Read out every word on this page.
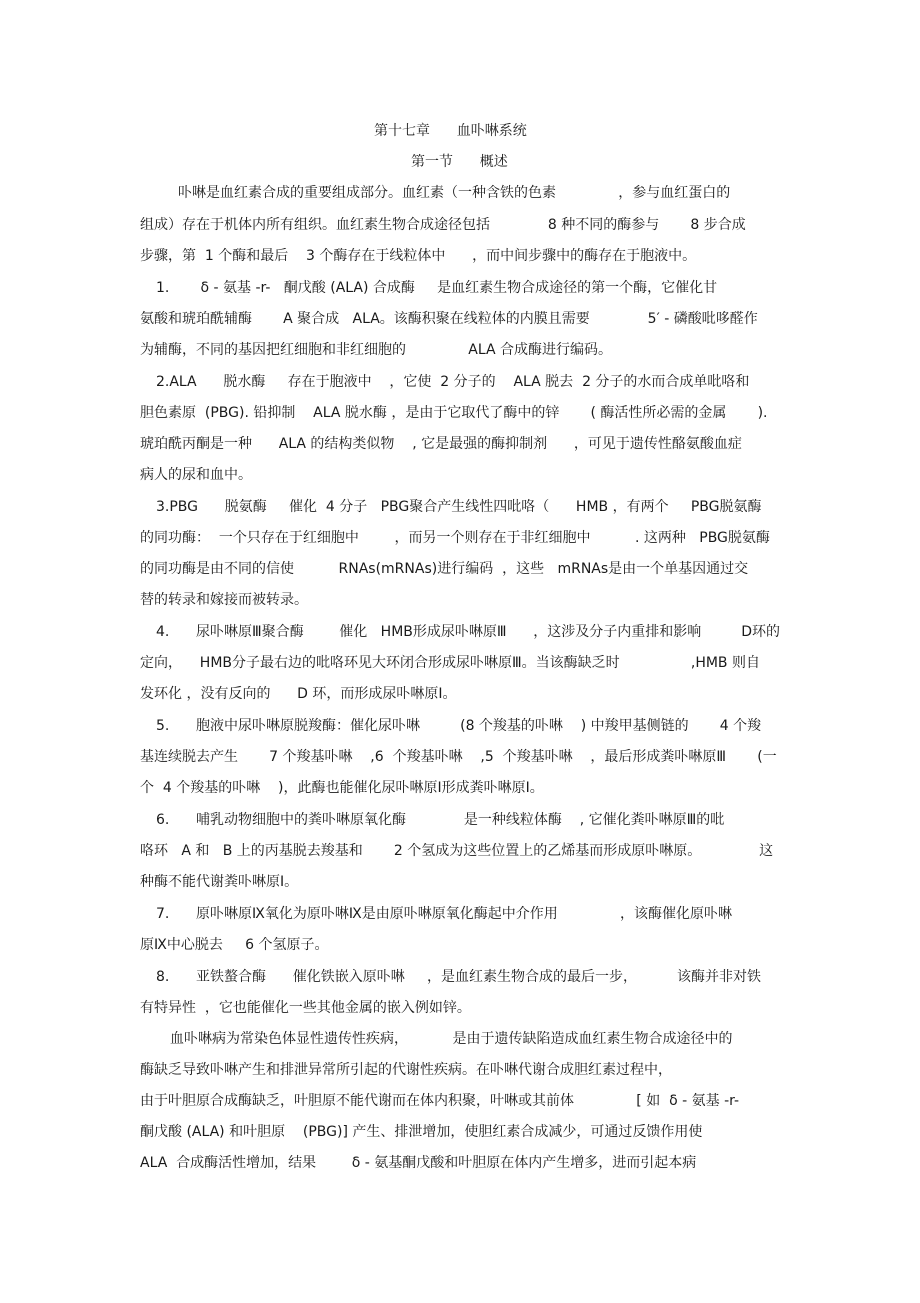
第十七章      血卟啉系统
第一节      概述
卟啉是血红素合成的重要组成部分。血红素（一种含铁的色素              ，参与血红蛋白的
组成）存在于机体内所有组织。血红素生物合成途径包括             8 种不同的酶参与       8 步合成
步骤，第  1 个酶和最后    3 个酶存在于线粒体中      ，而中间步骤中的酶存在于胞液中。
1.       δ - 氨基 -r-   酮戊酸 (ALA) 合成酶     是血红素生物合成途径的第一个酶，它催化甘
氨酸和琥珀酰辅酶       A 聚合成   ALA。该酶积聚在线粒体的内膜且需要             5′ - 磷酸吡哆醛作
为辅酶，不同的基因把红细胞和非红细胞的              ALA 合成酶进行编码。
2.ALA      脱水酶     存在于胞液中    ，它使  2 分子的    ALA 脱去  2 分子的水而合成单吡咯和
胆色素原  (PBG). 铅抑制    ALA 脱水酶 ，是由于它取代了酶中的锌       ( 酶活性所必需的金属       ).
琥珀酰丙酮是一种      ALA 的结构类似物    , 它是最强的酶抑制剂      ，可见于遗传性酪氨酸血症
病人的尿和血中。
3.PBG      脱氨酶     催化  4 分子   PBG聚合产生线性四吡咯（      HMB ，有两个     PBG脱氨酶
的同功酶：  一个只存在于红细胞中        ，而另一个则存在于非红细胞中          . 这两种   PBG脱氨酶
的同功酶是由不同的信使          RNAs(mRNAs)进行编码  ，这些   mRNAs是由一个单基因通过交
替的转录和嫁接而被转录。
4.      尿卟啉原Ⅲ聚合酶        催化   HMB形成尿卟啉原Ⅲ      ，这涉及分子内重排和影响         D环的
定向，    HMB分子最右边的吡咯环见大环闭合形成尿卟啉原Ⅲ。当该酶缺乏时                ,HMB 则自
发环化 ，没有反向的      D 环，而形成尿卟啉原Ⅰ。
5.      胞液中尿卟啉原脱羧酶：催化尿卟啉         (8 个羧基的卟啉    ) 中羧甲基侧链的       4 个羧
基连续脱去产生       7 个羧基卟啉    ,6  个羧基卟啉    ,5  个羧基卟啉    ，最后形成粪卟啉原Ⅲ       (一
个  4 个羧基的卟啉    )，此酶也能催化尿卟啉原Ⅰ形成粪卟啉原Ⅰ。
6.      哺乳动物细胞中的粪卟啉原氧化酶             是一种线粒体酶    , 它催化粪卟啉原Ⅲ的吡
咯环   A 和   B 上的丙基脱去羧基和       2 个氢成为这些位置上的乙烯基而形成原卟啉原。             这
种酶不能代谢粪卟啉原Ⅰ。
7.      原卟啉原Ⅸ氧化为原卟啉Ⅸ是由原卟啉原氧化酶起中介作用              ，该酶催化原卟啉
原Ⅸ中心脱去     6 个氢原子。
8.      亚铁螯合酶      催化铁嵌入原卟啉     ，是血红素生物合成的最后一步，         该酶并非对铁
有特异性  ，它也能催化一些其他金属的嵌入例如锌。
血卟啉病为常染色体显性遗传性疾病，          是由于遗传缺陷造成血红素生物合成途径中的
酶缺乏导致卟啉产生和排泄异常所引起的代谢性疾病。在卟啉代谢合成胆红素过程中，
由于叶胆原合成酶缺乏，叶胆原不能代谢而在体内积聚，叶啉或其前体              [ 如  δ - 氨基 -r-
酮戊酸 (ALA) 和叶胆原    (PBG)] 产生、排泄增加，使胆红素合成减少，可通过反馈作用使
ALA  合成酶活性增加，结果        δ - 氨基酮戊酸和叶胆原在体内产生增多，进而引起本病
